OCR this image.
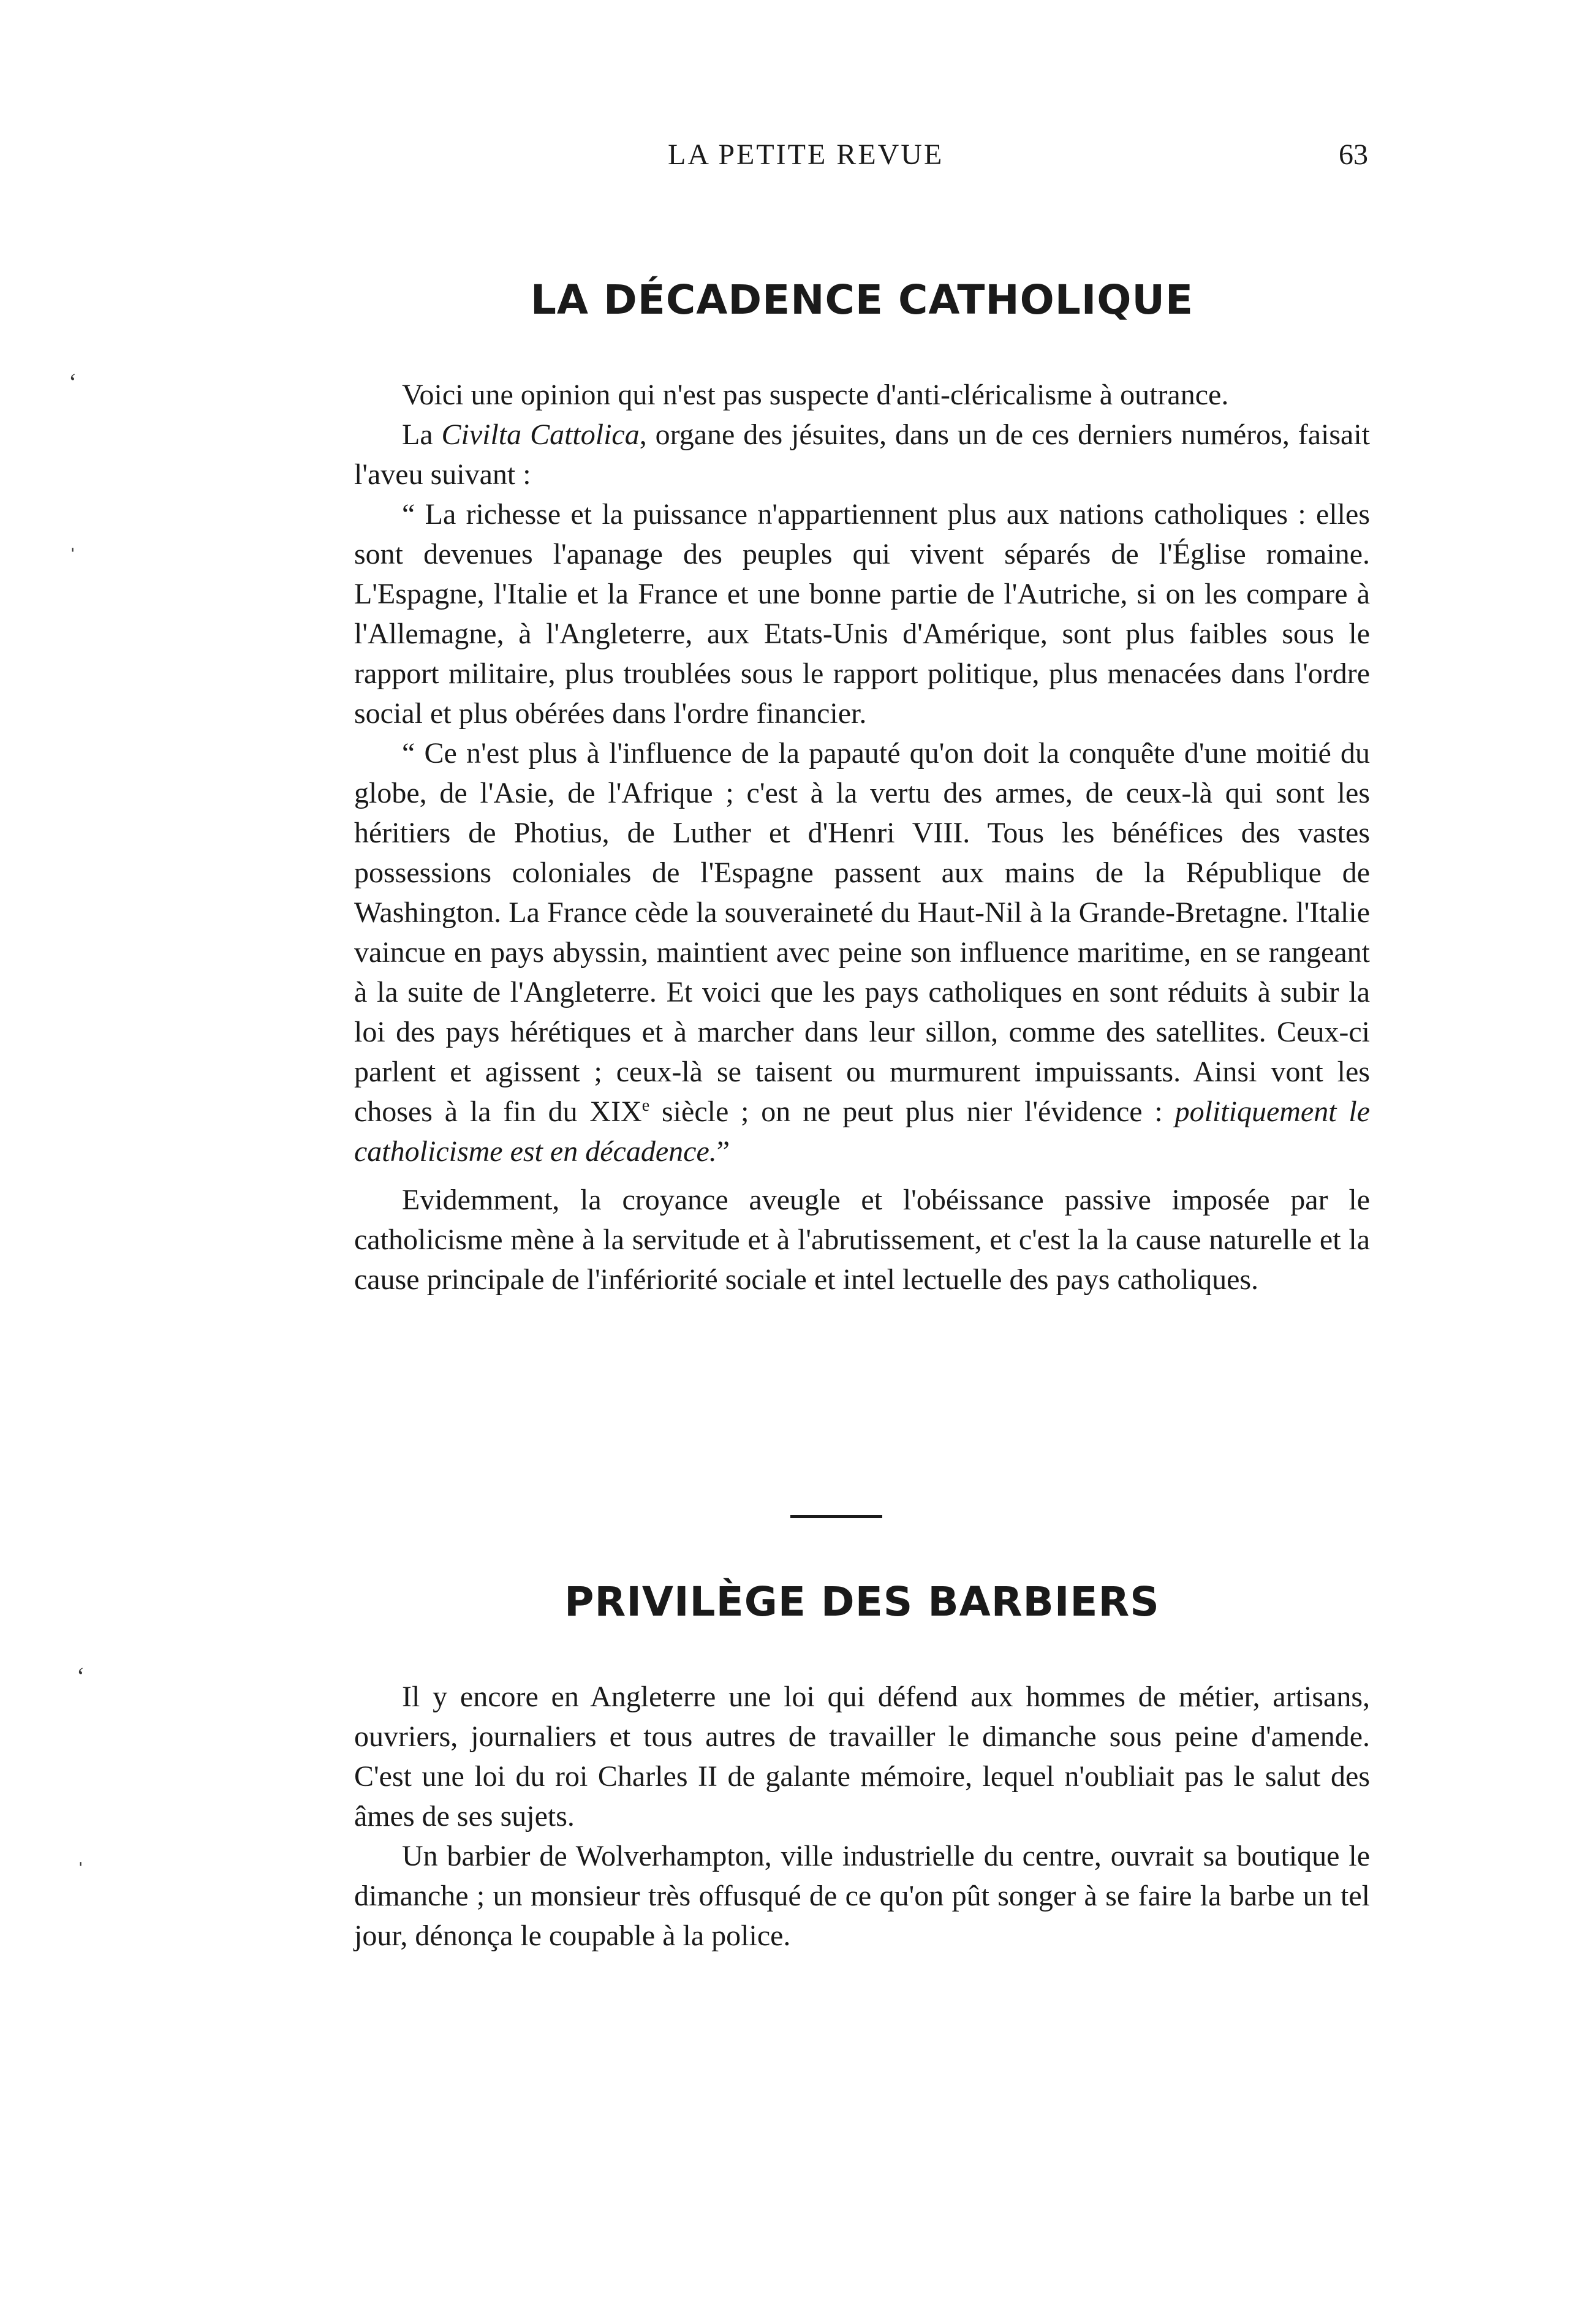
LA PETITE REVUE	63
ʻ
ˌ
ʻ
ˌ
LA DÉCADENCE CATHOLIQUE

Voici une opinion qui n'est pas suspecte d'anti-cléricalisme à outrance.

La Civilta Cattolica, organe des jésuites, dans un de ces derniers numéros, faisait l'aveu suivant :

“ La richesse et la puissance n'appartiennent plus aux nations catholiques : elles sont devenues l'apanage des peuples qui vivent séparés de l'Église romaine. L'Espagne, l'Italie et la France et une bonne partie de l'Autriche, si on les compare à l'Allemagne, à l'Angleterre, aux Etats-Unis d'Amérique, sont plus faibles sous le rapport militaire, plus troublées sous le rapport politique, plus menacées dans l'ordre social et plus obérées dans l'ordre financier.

“ Ce n'est plus à l'influence de la papauté qu'on doit la conquête d'une moitié du globe, de l'Asie, de l'Afrique ; c'est à la vertu des armes, de ceux-là qui sont les héritiers de Photius, de Luther et d'Henri VIII. Tous les bénéfices des vastes possessions coloniales de l'Espagne passent aux mains de la République de Washington. La France cède la souveraineté du Haut-Nil à la Grande-Bretagne. l'Italie vaincue en pays abyssin, maintient avec peine son influence maritime, en se rangeant à la suite de l'Angleterre. Et voici que les pays catholiques en sont réduits à subir la loi des pays hérétiques et à marcher dans leur sillon, comme des satellites. Ceux-ci parlent et agissent ; ceux-là se taisent ou murmurent impuissants. Ainsi vont les choses à la fin du XIXe siècle ; on ne peut plus nier l'évidence : politiquement le catholicisme est en décadence.”

Evidemment, la croyance aveugle et l'obéissance passive imposée par le catholicisme mène à la servitude et à l'abrutissement, et c'est la la cause naturelle et la cause principale de l'infériorité sociale et intel lectuelle des pays catholiques.

PRIVILÈGE DES BARBIERS

Il y encore en Angleterre une loi qui défend aux hommes de métier, artisans, ouvriers, journaliers et tous autres de travailler le dimanche sous peine d'amende. C'est une loi du roi Charles II de galante mémoire, lequel n'oubliait pas le salut des âmes de ses sujets.

Un barbier de Wolverhampton, ville industrielle du centre, ouvrait sa boutique le dimanche ; un monsieur très offusqué de ce qu'on pût songer à se faire la barbe un tel jour, dénonça le coupable à la police.
